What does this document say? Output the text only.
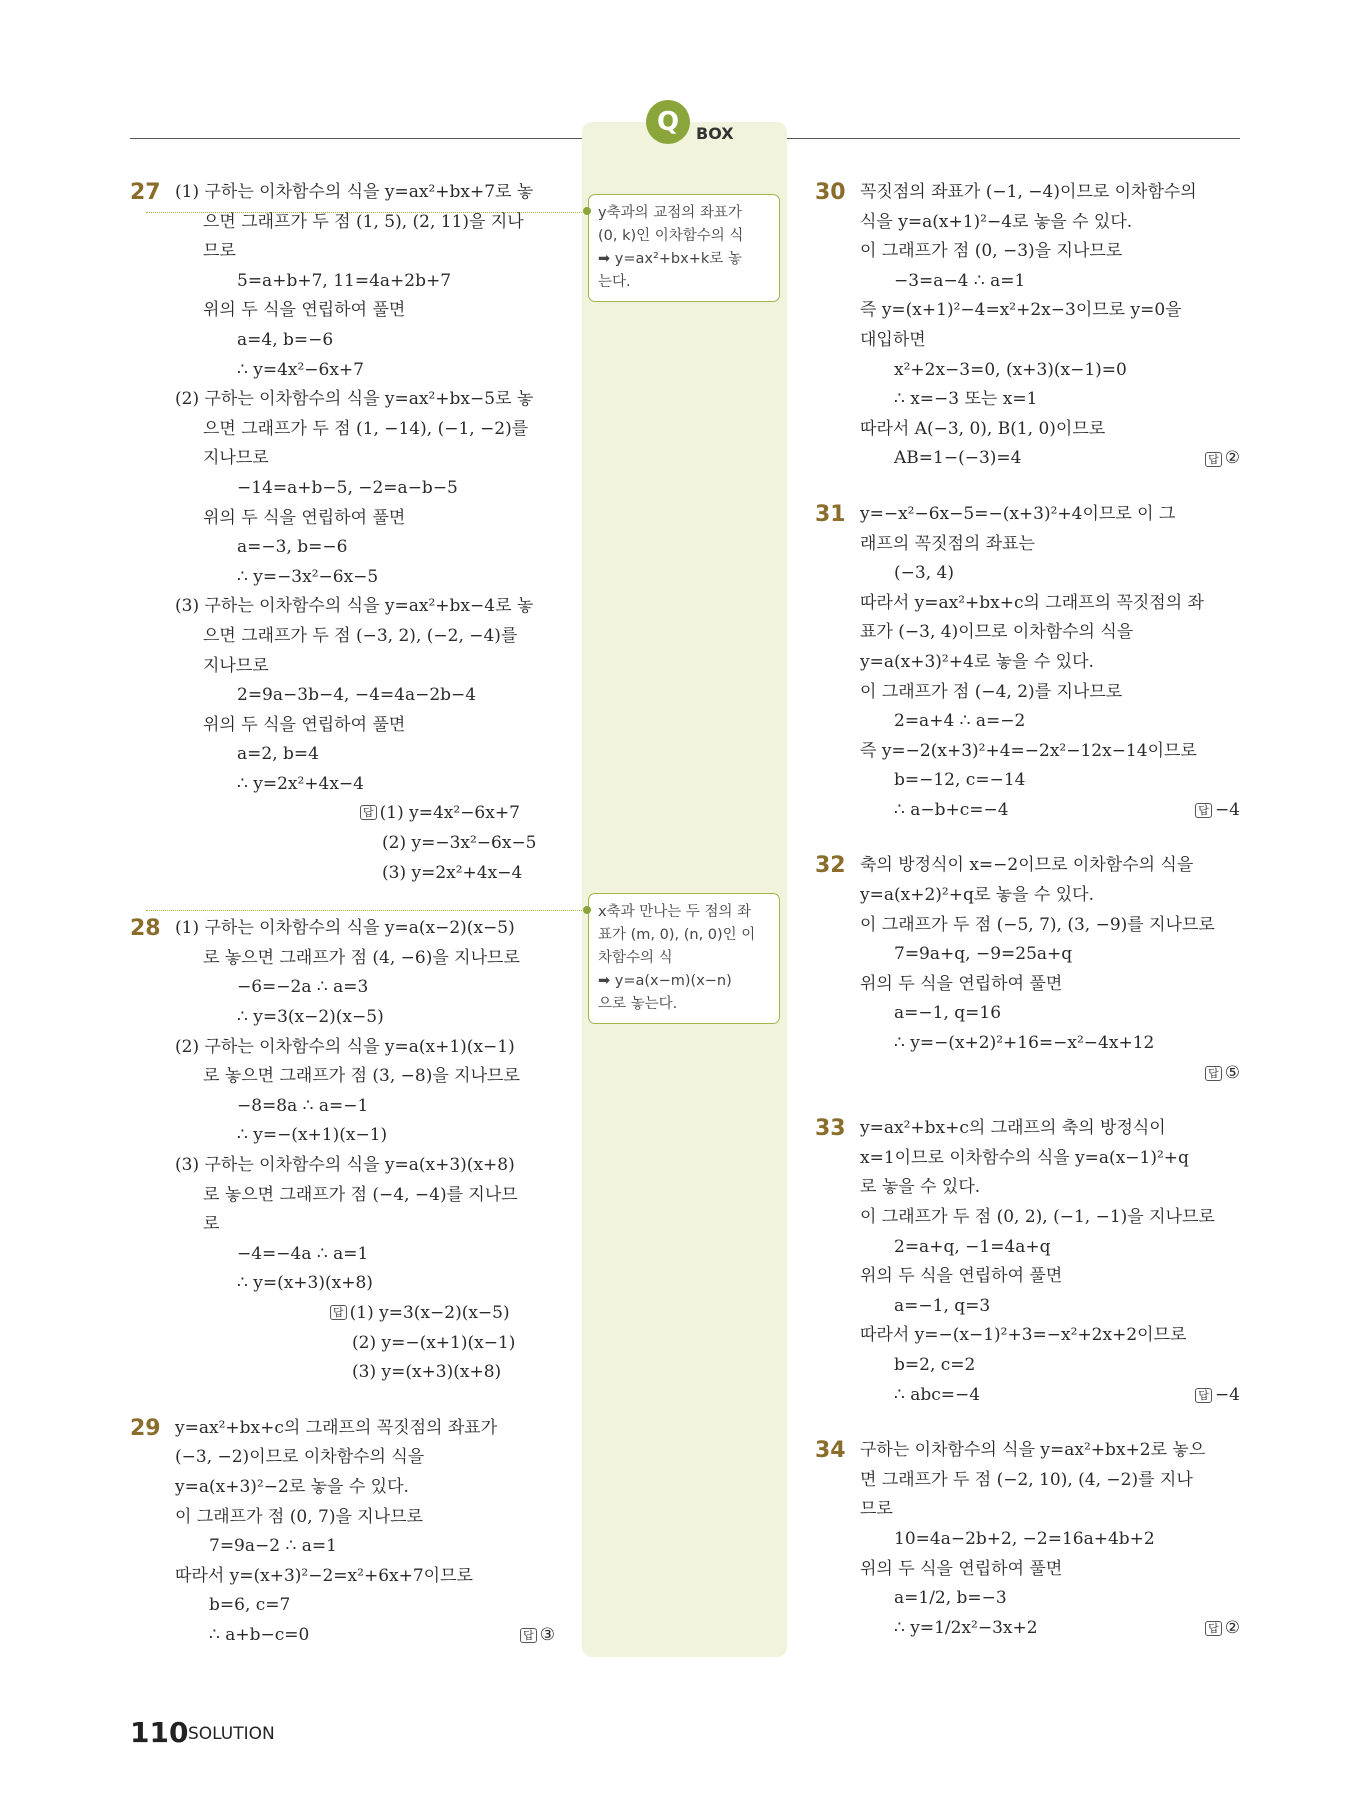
Q	BOX
y축과의 교점의 좌표가
(0, k)인 이차함수의 식
➡ y=ax²+bx+k로 놓
는다.
x축과 만나는 두 점의 좌
표가 (m, 0), (n, 0)인 이
차함수의 식
➡ y=a(x−m)(x−n)
으로 놓는다.
27 (1) 구하는 이차함수의 식을 y=ax²+bx+7로 놓
으면 그래프가 두 점 (1, 5), (2, 11)을 지나
므로
5=a+b+7, 11=4a+2b+7
위의 두 식을 연립하여 풀면
a=4, b=−6
∴ y=4x²−6x+7
(2) 구하는 이차함수의 식을 y=ax²+bx−5로 놓
으면 그래프가 두 점 (1, −14), (−1, −2)를
지나므로
−14=a+b−5, −2=a−b−5
위의 두 식을 연립하여 풀면
a=−3, b=−6
∴ y=−3x²−6x−5
(3) 구하는 이차함수의 식을 y=ax²+bx−4로 놓
으면 그래프가 두 점 (−3, 2), (−2, −4)를
지나므로
2=9a−3b−4, −4=4a−2b−4
위의 두 식을 연립하여 풀면
a=2, b=4
∴ y=2x²+4x−4
답 (1) y=4x²−6x+7
(2) y=−3x²−6x−5
(3) y=2x²+4x−4
28 (1) 구하는 이차함수의 식을 y=a(x−2)(x−5)
로 놓으면 그래프가 점 (4, −6)을 지나므로
−6=−2a ∴ a=3
∴ y=3(x−2)(x−5)
(2) 구하는 이차함수의 식을 y=a(x+1)(x−1)
로 놓으면 그래프가 점 (3, −8)을 지나므로
−8=8a ∴ a=−1
∴ y=−(x+1)(x−1)
(3) 구하는 이차함수의 식을 y=a(x+3)(x+8)
로 놓으면 그래프가 점 (−4, −4)를 지나므
로
−4=−4a ∴ a=1
∴ y=(x+3)(x+8)
답 (1) y=3(x−2)(x−5)
(2) y=−(x+1)(x−1)
(3) y=(x+3)(x+8)
29 y=ax²+bx+c의 그래프의 꼭짓점의 좌표가
(−3, −2)이므로 이차함수의 식을
y=a(x+3)²−2로 놓을 수 있다.
이 그래프가 점 (0, 7)을 지나므로
7=9a−2 ∴ a=1
따라서 y=(x+3)²−2=x²+6x+7이므로
b=6, c=7
∴ a+b−c=0	답 ③
30 꼭짓점의 좌표가 (−1, −4)이므로 이차함수의
식을 y=a(x+1)²−4로 놓을 수 있다.
이 그래프가 점 (0, −3)을 지나므로
−3=a−4 ∴ a=1
즉 y=(x+1)²−4=x²+2x−3이므로 y=0을
대입하면
x²+2x−3=0, (x+3)(x−1)=0
∴ x=−3 또는 x=1
따라서 A(−3, 0), B(1, 0)이므로
AB=1−(−3)=4	답 ②
31 y=−x²−6x−5=−(x+3)²+4이므로 이 그
래프의 꼭짓점의 좌표는
(−3, 4)
따라서 y=ax²+bx+c의 그래프의 꼭짓점의 좌
표가 (−3, 4)이므로 이차함수의 식을
y=a(x+3)²+4로 놓을 수 있다.
이 그래프가 점 (−4, 2)를 지나므로
2=a+4 ∴ a=−2
즉 y=−2(x+3)²+4=−2x²−12x−14이므로
b=−12, c=−14
∴ a−b+c=−4	답 −4
32 축의 방정식이 x=−2이므로 이차함수의 식을
y=a(x+2)²+q로 놓을 수 있다.
이 그래프가 두 점 (−5, 7), (3, −9)를 지나므로
7=9a+q, −9=25a+q
위의 두 식을 연립하여 풀면
a=−1, q=16
∴ y=−(x+2)²+16=−x²−4x+12
답 ⑤
33 y=ax²+bx+c의 그래프의 축의 방정식이
x=1이므로 이차함수의 식을 y=a(x−1)²+q
로 놓을 수 있다.
이 그래프가 두 점 (0, 2), (−1, −1)을 지나므로
2=a+q, −1=4a+q
위의 두 식을 연립하여 풀면
a=−1, q=3
따라서 y=−(x−1)²+3=−x²+2x+2이므로
b=2, c=2
∴ abc=−4	답 −4
34 구하는 이차함수의 식을 y=ax²+bx+2로 놓으
면 그래프가 두 점 (−2, 10), (4, −2)를 지나
므로
10=4a−2b+2, −2=16a+4b+2
위의 두 식을 연립하여 풀면
a=1/2, b=−3
∴ y=1/2x²−3x+2	답 ②
110 SOLUTION
